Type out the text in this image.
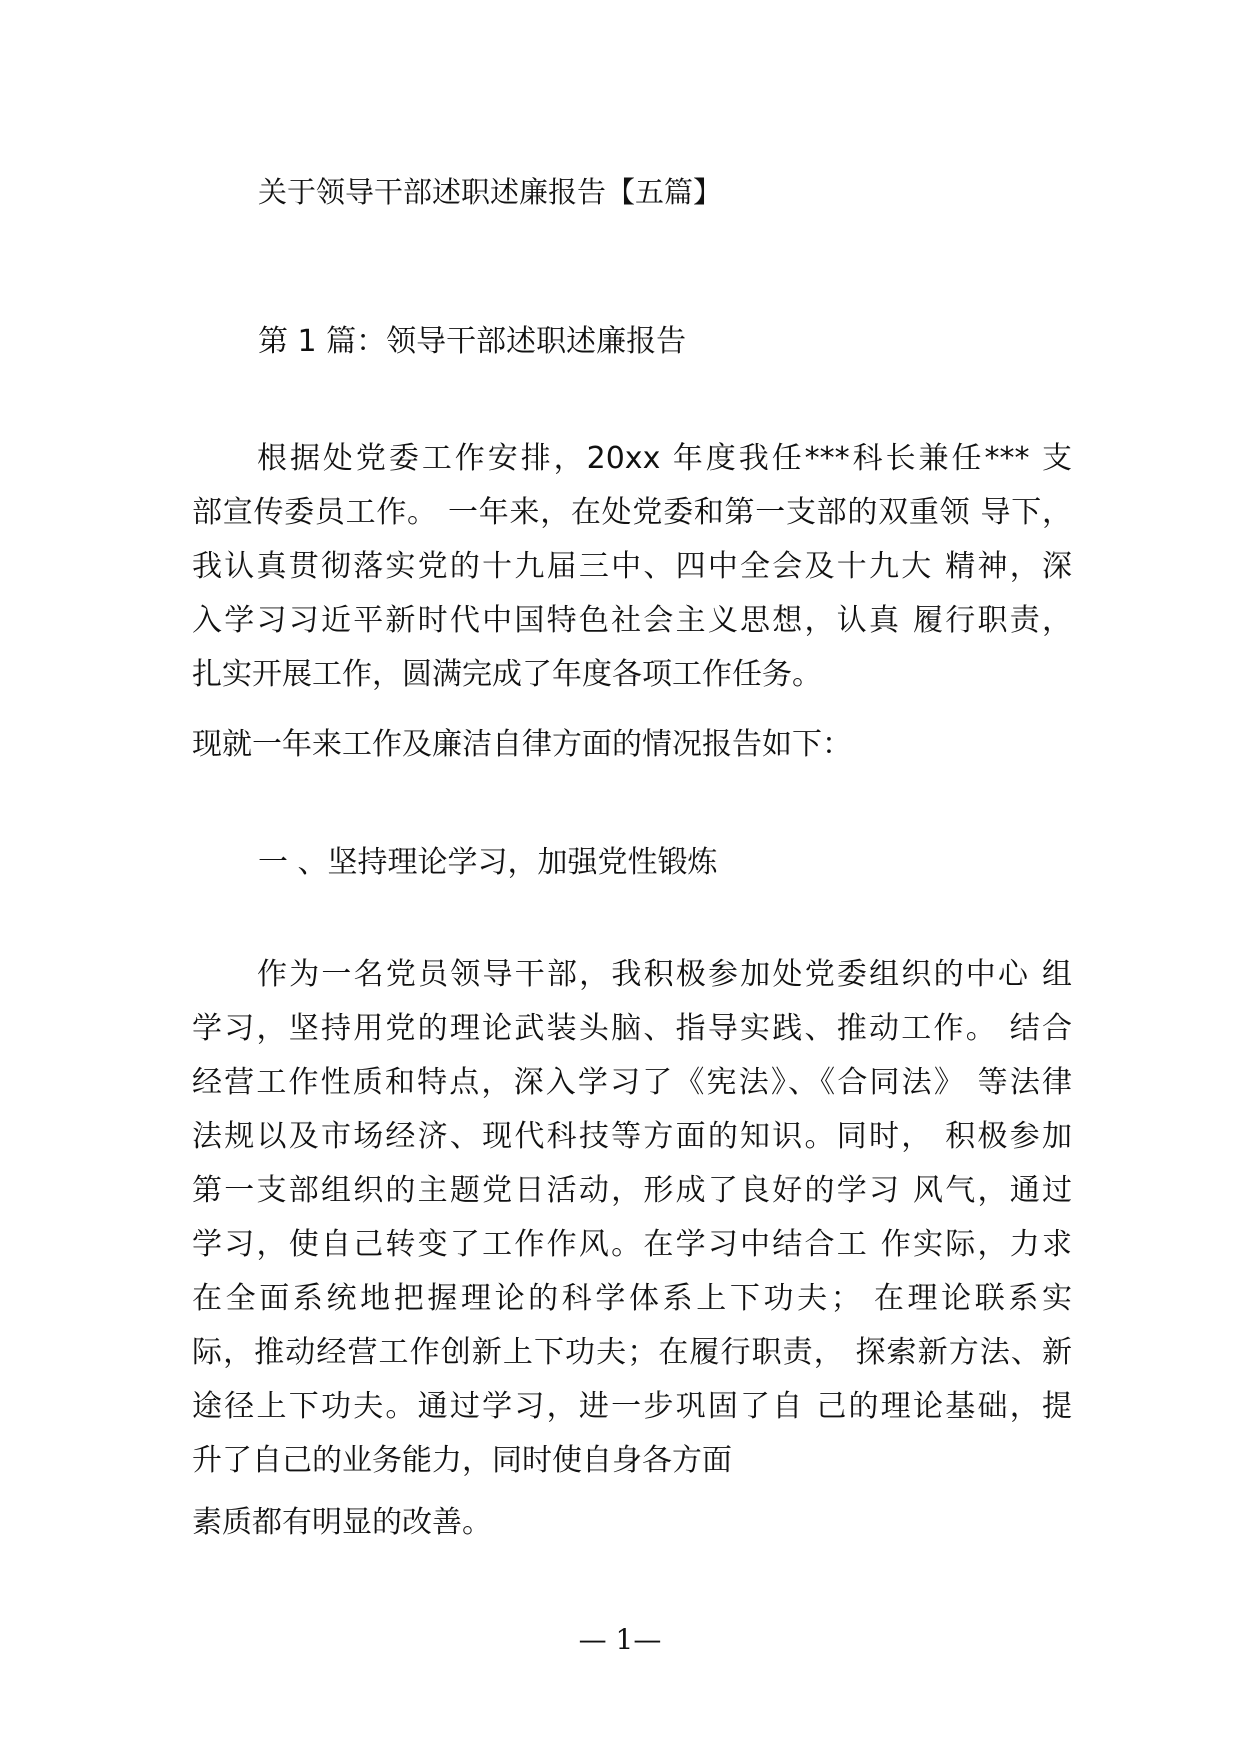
关于领导干部述职述廉报告【五篇】
第 1 篇：领导干部述职述廉报告
根据处党委工作安排，20xx 年度我任***科长兼任*** 支
部宣传委员工作。 一年来，在处党委和第一支部的双重领 导下，
我认真贯彻落实党的十九届三中、四中全会及十九大 精神，深
入学习习近平新时代中国特色社会主义思想，认真 履行职责，
扎实开展工作，圆满完成了年度各项工作任务。
现就一年来工作及廉洁自律方面的情况报告如下：
一 、坚持理论学习，加强党性锻炼
作为一名党员领导干部，我积极参加处党委组织的中心 组
学习，坚持用党的理论武装头脑、指导实践、推动工作。 结合
经营工作性质和特点，深入学习了《宪法》、《合同法》 等法律
法规以及市场经济、现代科技等方面的知识。同时， 积极参加
第一支部组织的主题党日活动，形成了良好的学习 风气，通过
学习，使自己转变了工作作风。在学习中结合工 作实际，力求
在全面系统地把握理论的科学体系上下功夫； 在理论联系实
际，推动经营工作创新上下功夫；在履行职责， 探索新方法、新
途径上下功夫。通过学习，进一步巩固了自 己的理论基础，提
升了自己的业务能力，同时使自身各方面
素质都有明显的改善。
— 1—
